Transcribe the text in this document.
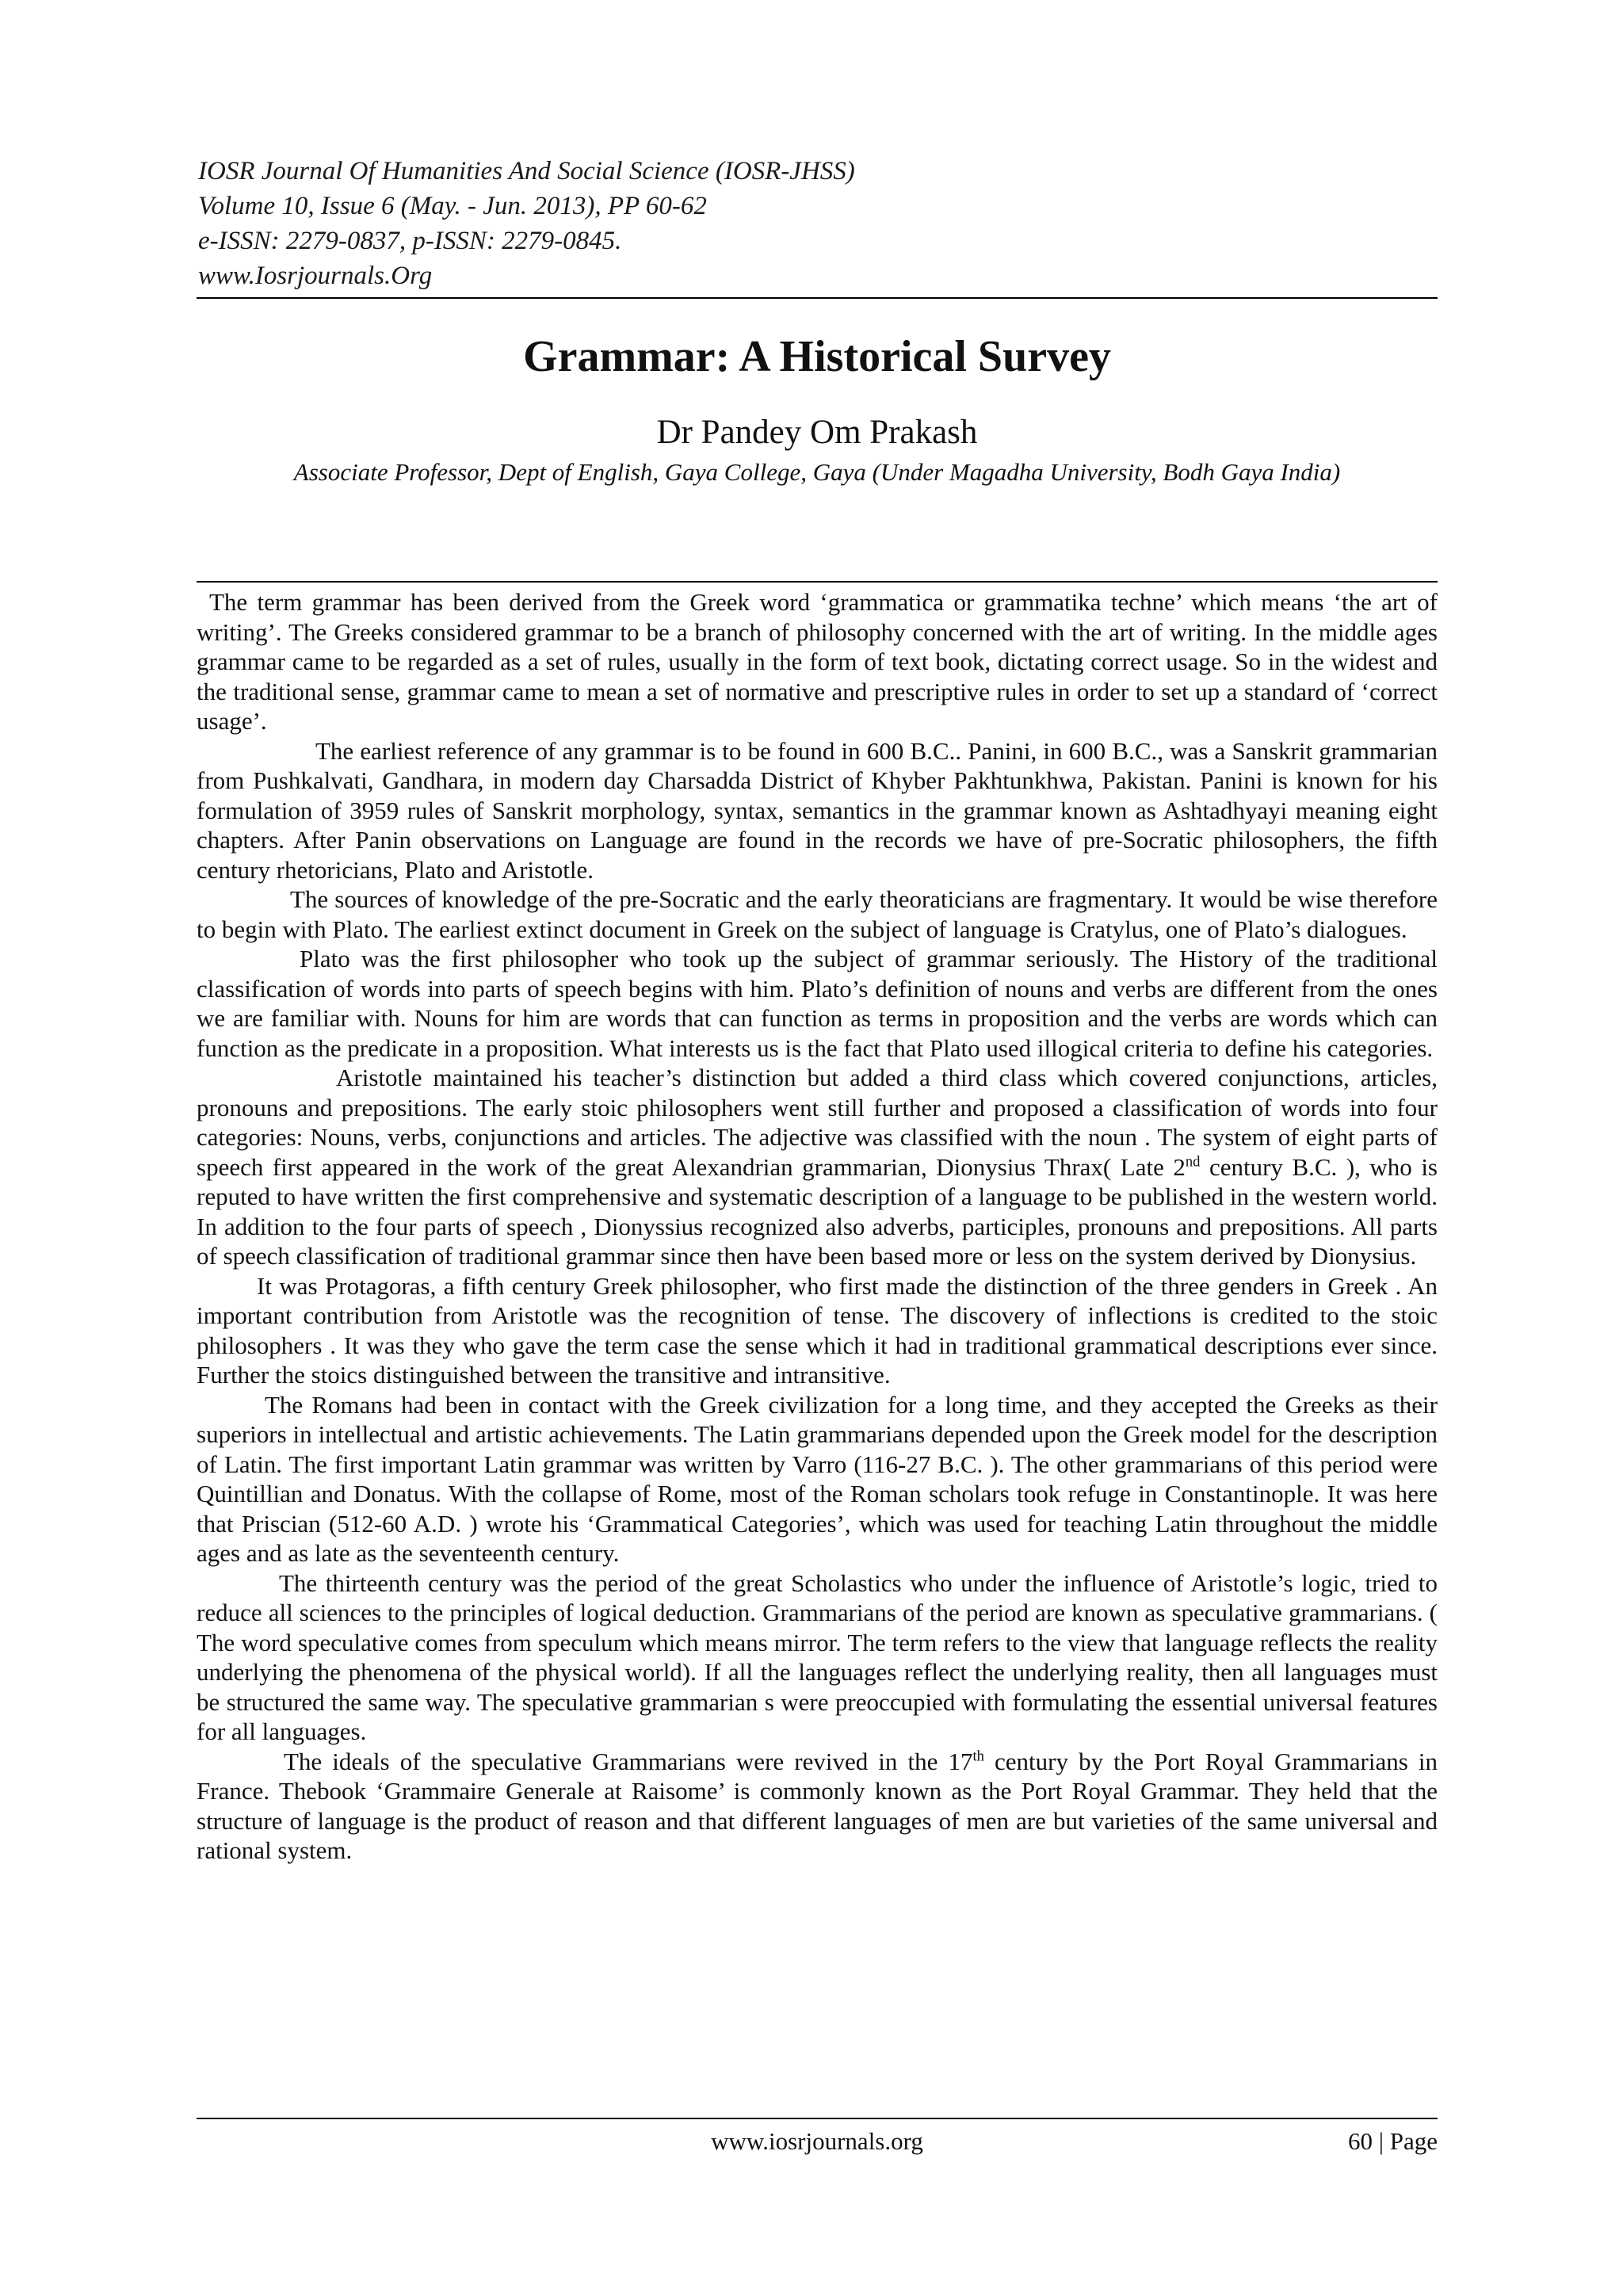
IOSR Journal Of Humanities And Social Science (IOSR-JHSS)
Volume 10, Issue 6 (May. - Jun. 2013), PP 60-62
e-ISSN: 2279-0837, p-ISSN: 2279-0845.
www.Iosrjournals.Org
Grammar: A Historical Survey
Dr Pandey Om Prakash
Associate Professor, Dept of English, Gaya College, Gaya (Under Magadha University, Bodh Gaya India)

The term grammar has been derived from the Greek word ‘grammatica or grammatika techne’ which means ‘the art of writing’. The Greeks considered grammar to be a branch of philosophy concerned with the art of writing. In the middle ages grammar came to be regarded as a set of rules, usually in the form of text book, dictating correct usage. So in the widest and the traditional sense, grammar came to mean a set of normative and prescriptive rules in order to set up a standard of ‘correct usage’.

The earliest reference of any grammar is to be found in 600 B.C.. Panini, in 600 B.C., was a Sanskrit grammarian from Pushkalvati, Gandhara, in modern day Charsadda District of Khyber Pakhtunkhwa, Pakistan. Panini is known for his formulation of 3959 rules of Sanskrit morphology, syntax, semantics in the grammar known as Ashtadhyayi meaning eight chapters. After Panin observations on Language are found in the records we have of pre-Socratic philosophers, the fifth century rhetoricians, Plato and Aristotle.

The sources of knowledge of the pre-Socratic and the early theoraticians are fragmentary. It would be wise therefore to begin with Plato. The earliest extinct document in Greek on the subject of language is Cratylus, one of Plato’s dialogues.

Plato was the first philosopher who took up the subject of grammar seriously. The History of the traditional classification of words into parts of speech begins with him. Plato’s definition of nouns and verbs are different from the ones we are familiar with. Nouns for him are words that can function as terms in proposition and the verbs are words which can function as the predicate in a proposition. What interests us is the fact that Plato used illogical criteria to define his categories.

Aristotle maintained his teacher’s distinction but added a third class which covered conjunctions, articles, pronouns and prepositions. The early stoic philosophers went still further and proposed a classification of words into four categories: Nouns, verbs, conjunctions and articles. The adjective was classified with the noun . The system of eight parts of speech first appeared in the work of the great Alexandrian grammarian, Dionysius Thrax( Late 2nd century B.C. ), who is reputed to have written the first comprehensive and systematic description of a language to be published in the western world. In addition to the four parts of speech , Dionyssius recognized also adverbs, participles, pronouns and prepositions. All parts of speech classification of traditional grammar since then have been based more or less on the system derived by Dionysius.

It was Protagoras, a fifth century Greek philosopher, who first made the distinction of the three genders in Greek . An important contribution from Aristotle was the recognition of tense. The discovery of inflections is credited to the stoic philosophers . It was they who gave the term case the sense which it had in traditional grammatical descriptions ever since. Further the stoics distinguished between the transitive and intransitive.

The Romans had been in contact with the Greek civilization for a long time, and they accepted the Greeks as their superiors in intellectual and artistic achievements. The Latin grammarians depended upon the Greek model for the description of Latin. The first important Latin grammar was written by Varro (116-27 B.C. ). The other grammarians of this period were Quintillian and Donatus. With the collapse of Rome, most of the Roman scholars took refuge in Constantinople. It was here that Priscian (512-60 A.D. ) wrote his ‘Grammatical Categories’, which was used for teaching Latin throughout the middle ages and as late as the seventeenth century.

The thirteenth century was the period of the great Scholastics who under the influence of Aristotle’s logic, tried to reduce all sciences to the principles of logical deduction. Grammarians of the period are known as speculative grammarians. ( The word speculative comes from speculum which means mirror. The term refers to the view that language reflects the reality underlying the phenomena of the physical world). If all the languages reflect the underlying reality, then all languages must be structured the same way. The speculative grammarian s were preoccupied with formulating the essential universal features for all languages.

The ideals of the speculative Grammarians were revived in the 17th century by the Port Royal Grammarians in France. Thebook ‘Grammaire Generale at Raisome’ is commonly known as the Port Royal Grammar. They held that the structure of language is the product of reason and that different languages of men are but varieties of the same universal and rational system.

www.iosrjournals.org	60 | Page
